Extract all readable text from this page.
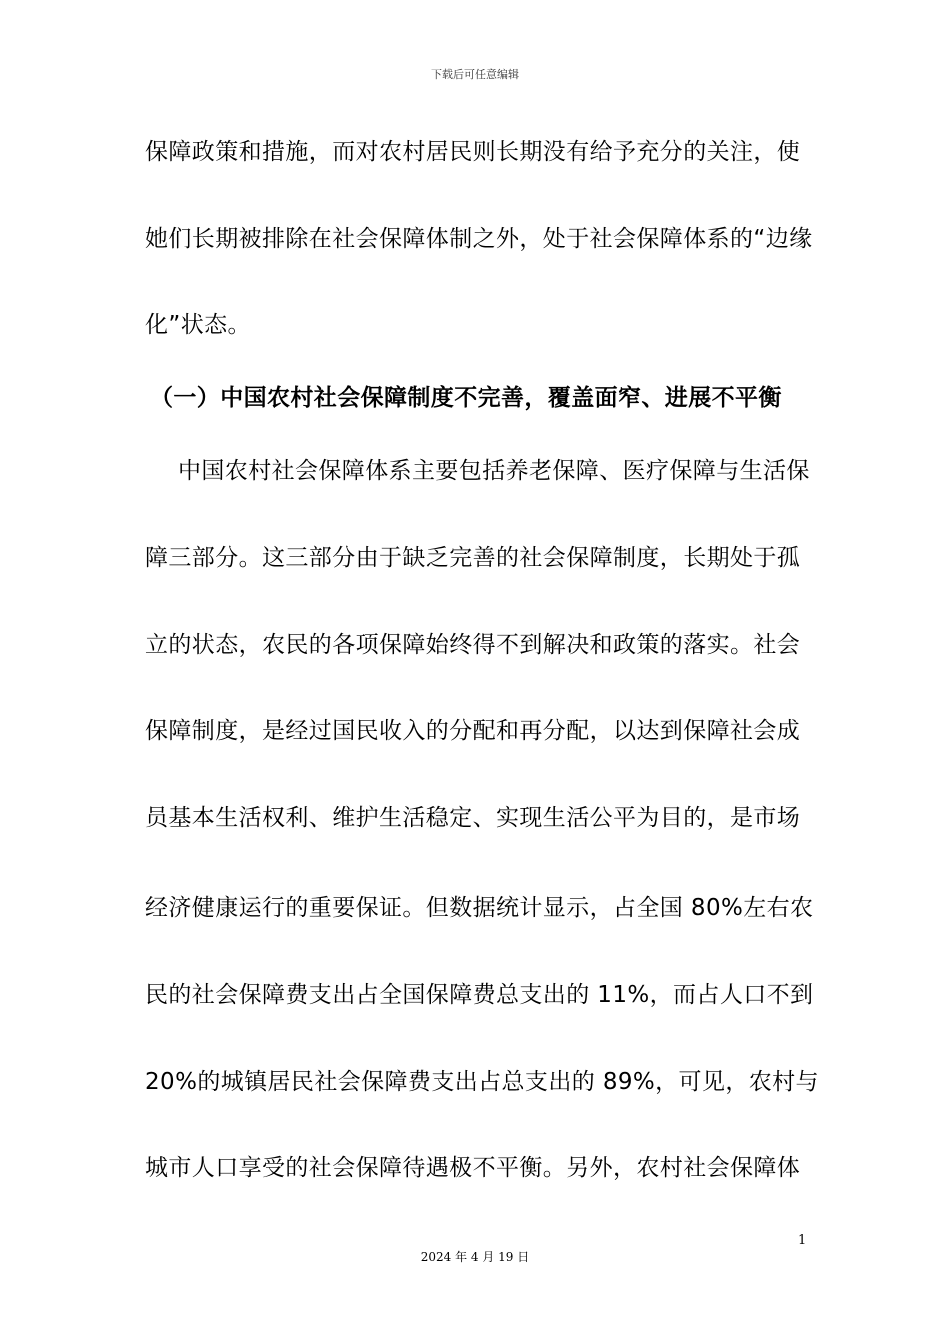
下载后可任意编辑
保障政策和措施，而对农村居民则长期没有给予充分的关注，使
她们长期被排除在社会保障体制之外，处于社会保障体系的“边缘
化”状态。
（一）中国农村社会保障制度不完善，覆盖面窄、进展不平衡
中国农村社会保障体系主要包括养老保障、医疗保障与生活保
障三部分。这三部分由于缺乏完善的社会保障制度，长期处于孤
立的状态，农民的各项保障始终得不到解决和政策的落实。社会
保障制度，是经过国民收入的分配和再分配，以达到保障社会成
员基本生活权利、维护生活稳定、实现生活公平为目的，是市场
经济健康运行的重要保证。但数据统计显示，占全国 80%左右农
民的社会保障费支出占全国保障费总支出的 11%，而占人口不到
20%的城镇居民社会保障费支出占总支出的 89%，可见，农村与
城市人口享受的社会保障待遇极不平衡。另外，农村社会保障体
1
2024 年 4 月 19 日
